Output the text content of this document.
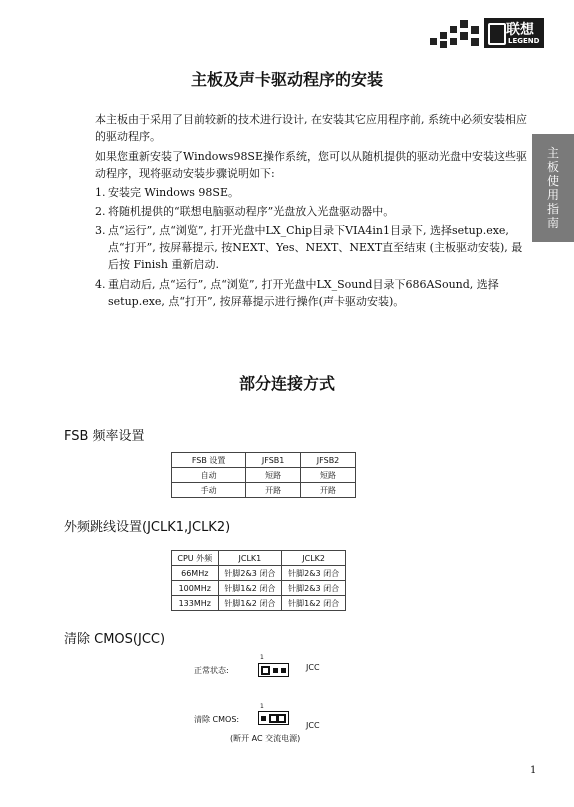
联想
LEGEND
主
板
使
用
指
南
主板及声卡驱动程序的安装
本主板由于采用了目前较新的技术进行设计, 在安装其它应用程序前, 系统中必须安装相应的驱动程序。
如果您重新安装了Windows98SE操作系统，您可以从随机提供的驱动光盘中安装这些驱动程序，现将驱动安装步骤说明如下:
1. 安装完 Windows 98SE。
2. 将随机提供的“联想电脑驱动程序”光盘放入光盘驱动器中。
3. 点“运行”, 点“浏览”, 打开光盘中LX_Chip目录下VIA4in1目录下, 选择setup.exe, 点“打开”, 按屏幕提示, 按NEXT、Yes、NEXT、NEXT直至结束 (主板驱动安装), 最后按 Finish 重新启动.
4. 重启动后, 点“运行”, 点“浏览”, 打开光盘中LX_Sound目录下686ASound, 选择setup.exe, 点“打开”, 按屏幕提示进行操作(声卡驱动安装)。
部分连接方式
FSB 频率设置
FSB 设置	JFSB1	JFSB2
自动	短路	短路
手动	开路	开路
外频跳线设置(JCLK1,JCLK2)
CPU 外频	JCLK1	JCLK2
66MHz	针脚2&3 闭合	针脚2&3 闭合
100MHz	针脚1&2 闭合	针脚2&3 闭合
133MHz	针脚1&2 闭合	针脚1&2 闭合
清除 CMOS(JCC)
1
正常状态:	JCC
1
清除 CMOS:
JCC
(断开 AC 交流电源)
1
